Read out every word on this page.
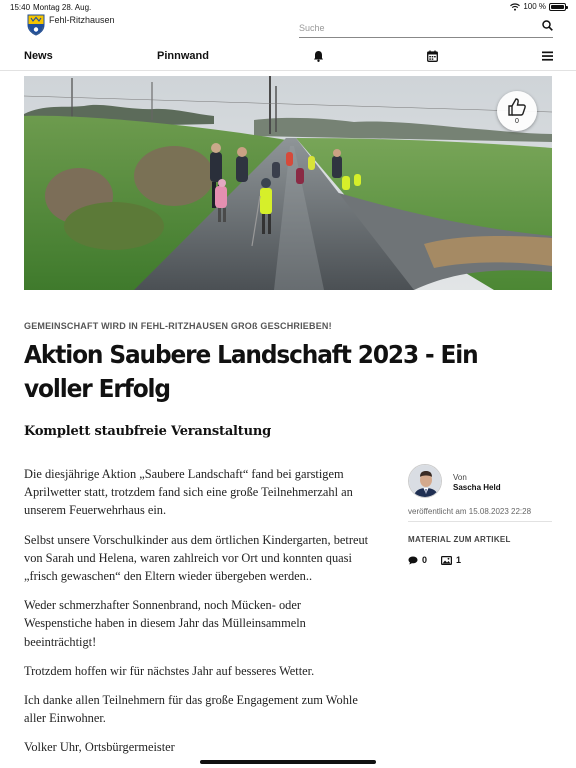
15:40 Montag 28. Aug.	100 %
Fehl-Ritzhausen
Suche
News	Pinnwand
0
GEMEINSCHAFT WIRD IN FEHL-RITZHAUSEN GROß GESCHRIEBEN!
Aktion Saubere Landschaft 2023 - Ein voller Erfolg
Komplett staubfreie Veranstaltung

Die diesjährige Aktion „Saubere Landschaft“ fand bei garstigem Aprilwetter statt, trotzdem fand sich eine große Teilnehmerzahl an unserem Feuerwehrhaus ein.

Selbst unsere Vorschulkinder aus dem örtlichen Kindergarten, betreut von Sarah und Helena, waren zahlreich vor Ort und konnten quasi „frisch gewaschen“ den Eltern wieder übergeben werden..

Weder schmerzhafter Sonnenbrand, noch Mücken- oder Wespenstiche haben in diesem Jahr das Mülleinsammeln beeinträchtigt!

Trotzdem hoffen wir für nächstes Jahr auf besseres Wetter.

Ich danke allen Teilnehmern für das große Engagement zum Wohle aller Einwohner.

Volker Uhr, Ortsbürgermeister

Von
Sascha Held
veröffentlicht am 15.08.2023 22:28
MATERIAL ZUM ARTIKEL
0	1
